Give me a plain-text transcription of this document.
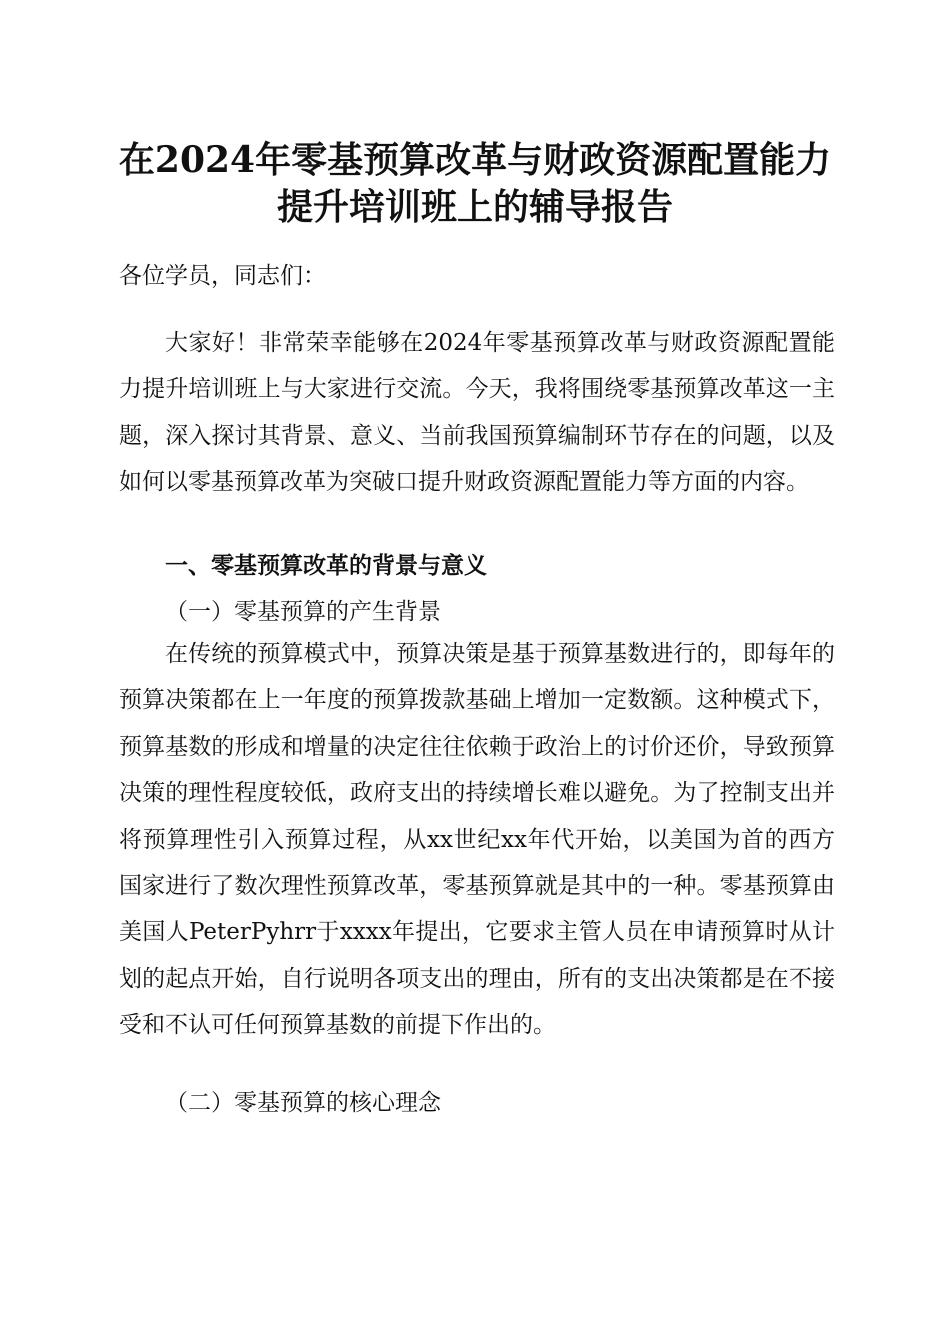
在2024年零基预算改革与财政资源配置能力
提升培训班上的辅导报告

各位学员，同志们：

大家好！非常荣幸能够在2024年零基预算改革与财政资源配置能力提升培训班上与大家进行交流。今天，我将围绕零基预算改革这一主题，深入探讨其背景、意义、当前我国预算编制环节存在的问题，以及如何以零基预算改革为突破口提升财政资源配置能力等方面的内容。

一、零基预算改革的背景与意义

（一）零基预算的产生背景

在传统的预算模式中，预算决策是基于预算基数进行的，即每年的预算决策都在上一年度的预算拨款基础上增加一定数额。这种模式下，预算基数的形成和增量的决定往往依赖于政治上的讨价还价，导致预算决策的理性程度较低，政府支出的持续增长难以避免。为了控制支出并将预算理性引入预算过程，从xx世纪xx年代开始，以美国为首的西方国家进行了数次理性预算改革，零基预算就是其中的一种。零基预算由美国人PeterPyhrr于xxxx年提出，它要求主管人员在申请预算时从计划的起点开始，自行说明各项支出的理由，所有的支出决策都是在不接受和不认可任何预算基数的前提下作出的。

（二）零基预算的核心理念
